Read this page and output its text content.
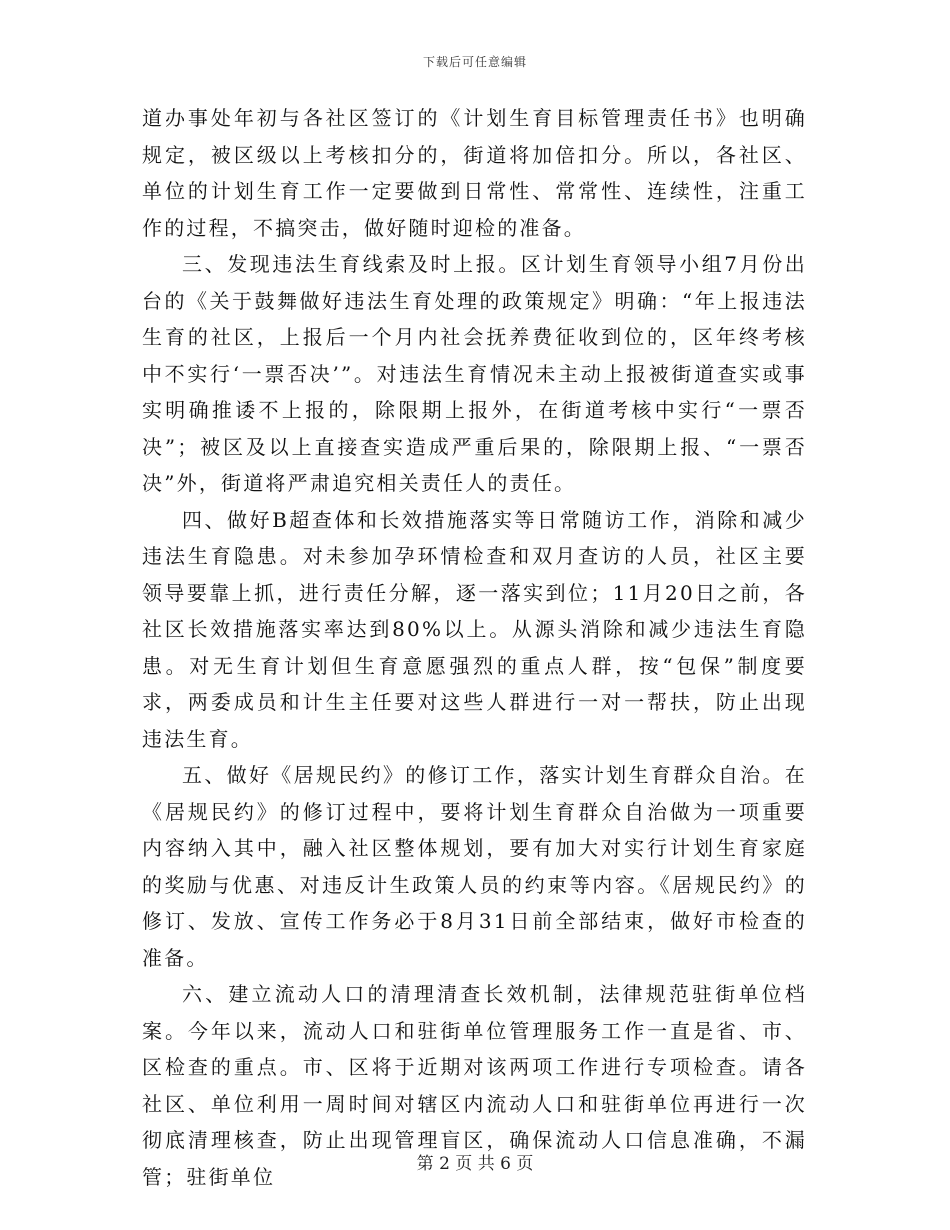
下载后可任意编辑

道办事处年初与各社区签订的《计划生育目标管理责任书》也明确规定，被区级以上考核扣分的，街道将加倍扣分。所以，各社区、单位的计划生育工作一定要做到日常性、常常性、连续性，注重工作的过程，不搞突击，做好随时迎检的准备。

三、发现违法生育线索及时上报。区计划生育领导小组7月份出台的《关于鼓舞做好违法生育处理的政策规定》明确：“年上报违法生育的社区，上报后一个月内社会抚养费征收到位的，区年终考核中不实行‘一票否决’”。对违法生育情况未主动上报被街道查实或事实明确推诿不上报的，除限期上报外，在街道考核中实行“一票否决”；被区及以上直接查实造成严重后果的，除限期上报、“一票否决”外，街道将严肃追究相关责任人的责任。

四、做好B超查体和长效措施落实等日常随访工作，消除和减少违法生育隐患。对未参加孕环情检查和双月查访的人员，社区主要领导要靠上抓，进行责任分解，逐一落实到位；11月20日之前，各社区长效措施落实率达到80%以上。从源头消除和减少违法生育隐患。对无生育计划但生育意愿强烈的重点人群，按“包保”制度要求，两委成员和计生主任要对这些人群进行一对一帮扶，防止出现违法生育。

五、做好《居规民约》的修订工作，落实计划生育群众自治。在《居规民约》的修订过程中，要将计划生育群众自治做为一项重要内容纳入其中，融入社区整体规划，要有加大对实行计划生育家庭的奖励与优惠、对违反计生政策人员的约束等内容。《居规民约》的修订、发放、宣传工作务必于8月31日前全部结束，做好市检查的准备。

六、建立流动人口的清理清查长效机制，法律规范驻街单位档案。今年以来，流动人口和驻街单位管理服务工作一直是省、市、区检查的重点。市、区将于近期对该两项工作进行专项检查。请各社区、单位利用一周时间对辖区内流动人口和驻街单位再进行一次彻底清理核查，防止出现管理盲区，确保流动人口信息准确，不漏管；驻街单位

第 2 页 共 6 页
